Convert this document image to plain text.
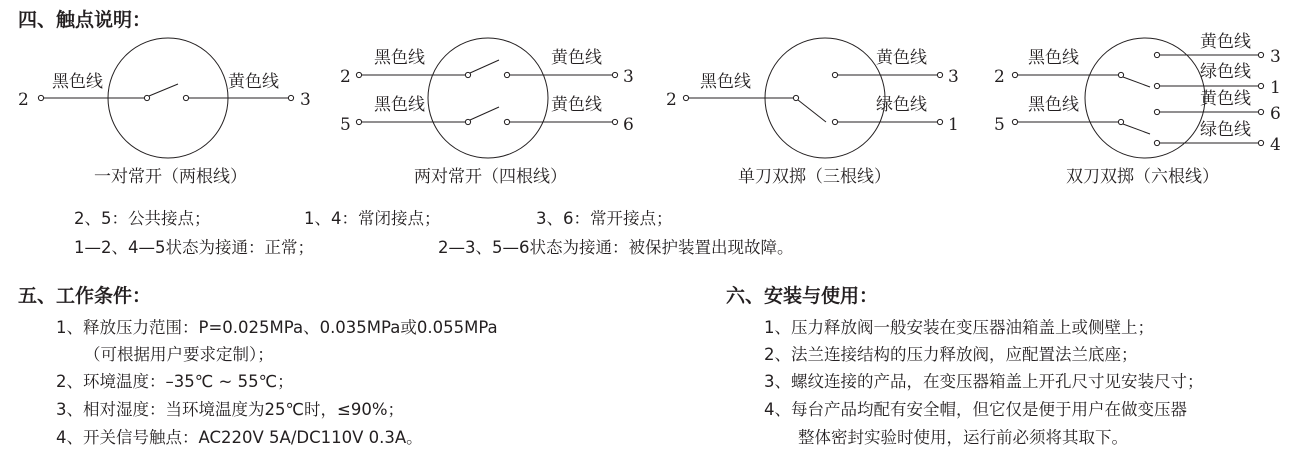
四、触点说明：
2
黑色线
3
黄色线
一对常开（两根线）
2
黑色线
5
黑色线
3
黄色线
6
黄色线
两对常开（四根线）
2
黑色线	3
黄色线
1
绿色线
单刀双掷（三根线）
2
黑色线
5
黑色线
3
黄色线
1
绿色线
6
黄色线
4
绿色线
双刀双掷（六根线）
2、5：公共接点；	1、4：常闭接点；	3、6：常开接点；
1—2、4—5状态为接通：正常；	2—3、5—6状态为接通：被保护装置出现故障。
五、工作条件：
1、释放压力范围：P=0.025MPa、0.035MPa或0.055MPa
（可根据用户要求定制）；
2、环境温度：–35℃ ~ 55℃；
3、相对湿度：当环境温度为25℃时，≤90%；
4、开关信号触点：AC220V 5A/DC110V 0.3A。
六、安装与使用：
1、压力释放阀一般安装在变压器油箱盖上或侧壁上；
2、法兰连接结构的压力释放阀，应配置法兰底座；
3、螺纹连接的产品，在变压器箱盖上开孔尺寸见安装尺寸；
4、每台产品均配有安全帽，但它仅是便于用户在做变压器
整体密封实验时使用，运行前必须将其取下。
